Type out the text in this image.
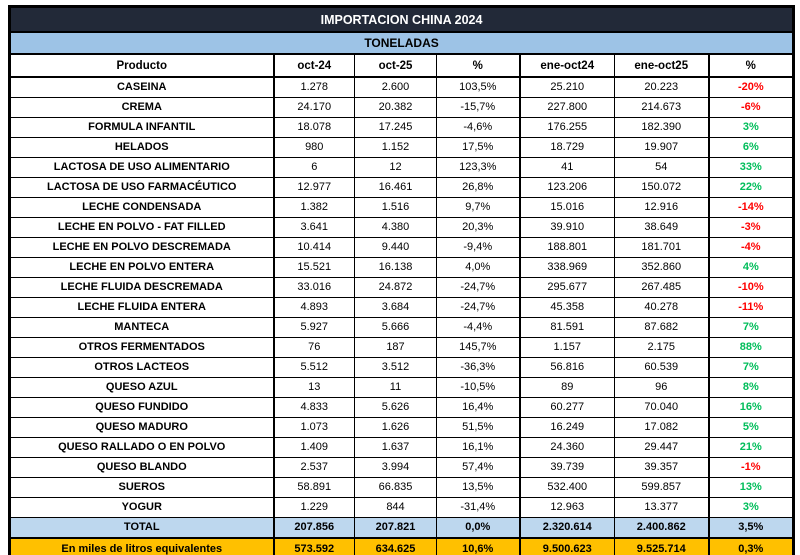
IMPORTACION CHINA 2024						
TONELADAS						
Producto	oct-24	oct-25	%	ene-oct24	ene-oct25	%
CASEINA	1.278	2.600	103,5%	25.210	20.223	-20%
CREMA	24.170	20.382	-15,7%	227.800	214.673	-6%
FORMULA INFANTIL	18.078	17.245	-4,6%	176.255	182.390	3%
HELADOS	980	1.152	17,5%	18.729	19.907	6%
LACTOSA DE USO ALIMENTARIO	6	12	123,3%	41	54	33%
LACTOSA DE USO FARMACÉUTICO	12.977	16.461	26,8%	123.206	150.072	22%
LECHE CONDENSADA	1.382	1.516	9,7%	15.016	12.916	-14%
LECHE EN POLVO - FAT FILLED	3.641	4.380	20,3%	39.910	38.649	-3%
LECHE EN POLVO DESCREMADA	10.414	9.440	-9,4%	188.801	181.701	-4%
LECHE EN POLVO ENTERA	15.521	16.138	4,0%	338.969	352.860	4%
LECHE FLUIDA DESCREMADA	33.016	24.872	-24,7%	295.677	267.485	-10%
LECHE FLUIDA ENTERA	4.893	3.684	-24,7%	45.358	40.278	-11%
MANTECA	5.927	5.666	-4,4%	81.591	87.682	7%
OTROS FERMENTADOS	76	187	145,7%	1.157	2.175	88%
OTROS LACTEOS	5.512	3.512	-36,3%	56.816	60.539	7%
QUESO AZUL	13	11	-10,5%	89	96	8%
QUESO FUNDIDO	4.833	5.626	16,4%	60.277	70.040	16%
QUESO MADURO	1.073	1.626	51,5%	16.249	17.082	5%
QUESO RALLADO O EN POLVO	1.409	1.637	16,1%	24.360	29.447	21%
QUESO BLANDO	2.537	3.994	57,4%	39.739	39.357	-1%
SUEROS	58.891	66.835	13,5%	532.400	599.857	13%
YOGUR	1.229	844	-31,4%	12.963	13.377	3%
TOTAL	207.856	207.821	0,0%	2.320.614	2.400.862	3,5%
En miles de litros equivalentes	573.592	634.625	10,6%	9.500.623	9.525.714	0,3%
